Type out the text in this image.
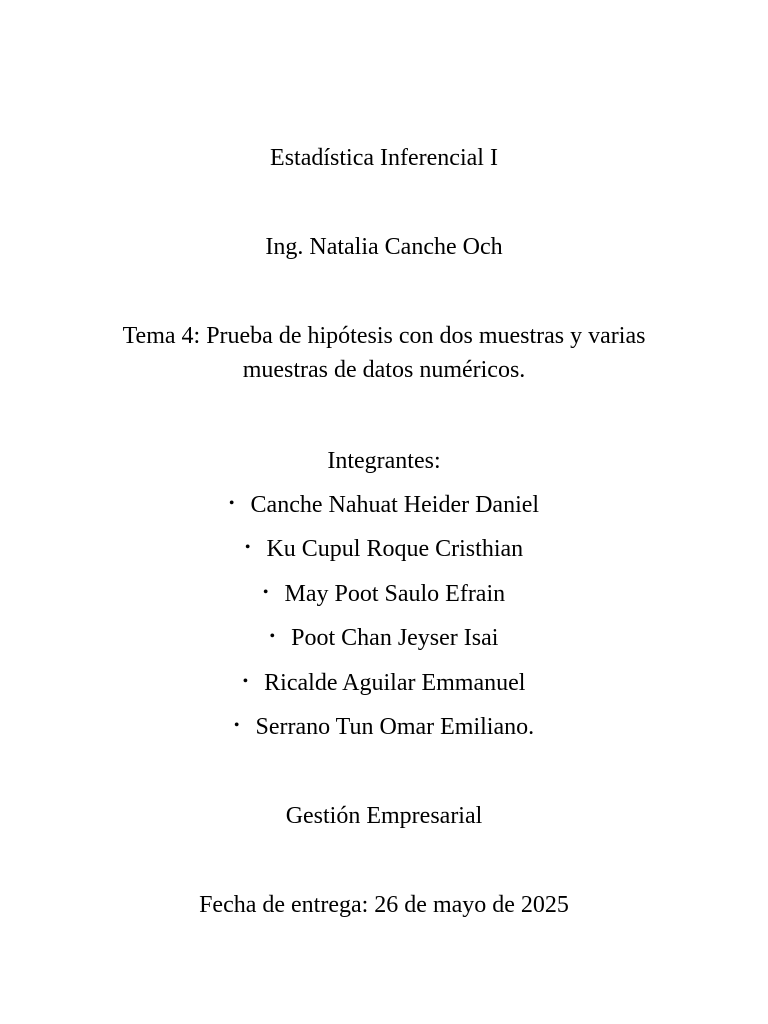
Estadística Inferencial I
Ing. Natalia Canche Och
Tema 4: Prueba de hipótesis con dos muestras y varias muestras de datos numéricos.
Integrantes:
• Canche Nahuat Heider Daniel
• Ku Cupul Roque Cristhian
• May Poot Saulo Efrain
• Poot Chan Jeyser Isai
• Ricalde Aguilar Emmanuel
• Serrano Tun Omar Emiliano.
Gestión Empresarial
Fecha de entrega: 26 de mayo de 2025
